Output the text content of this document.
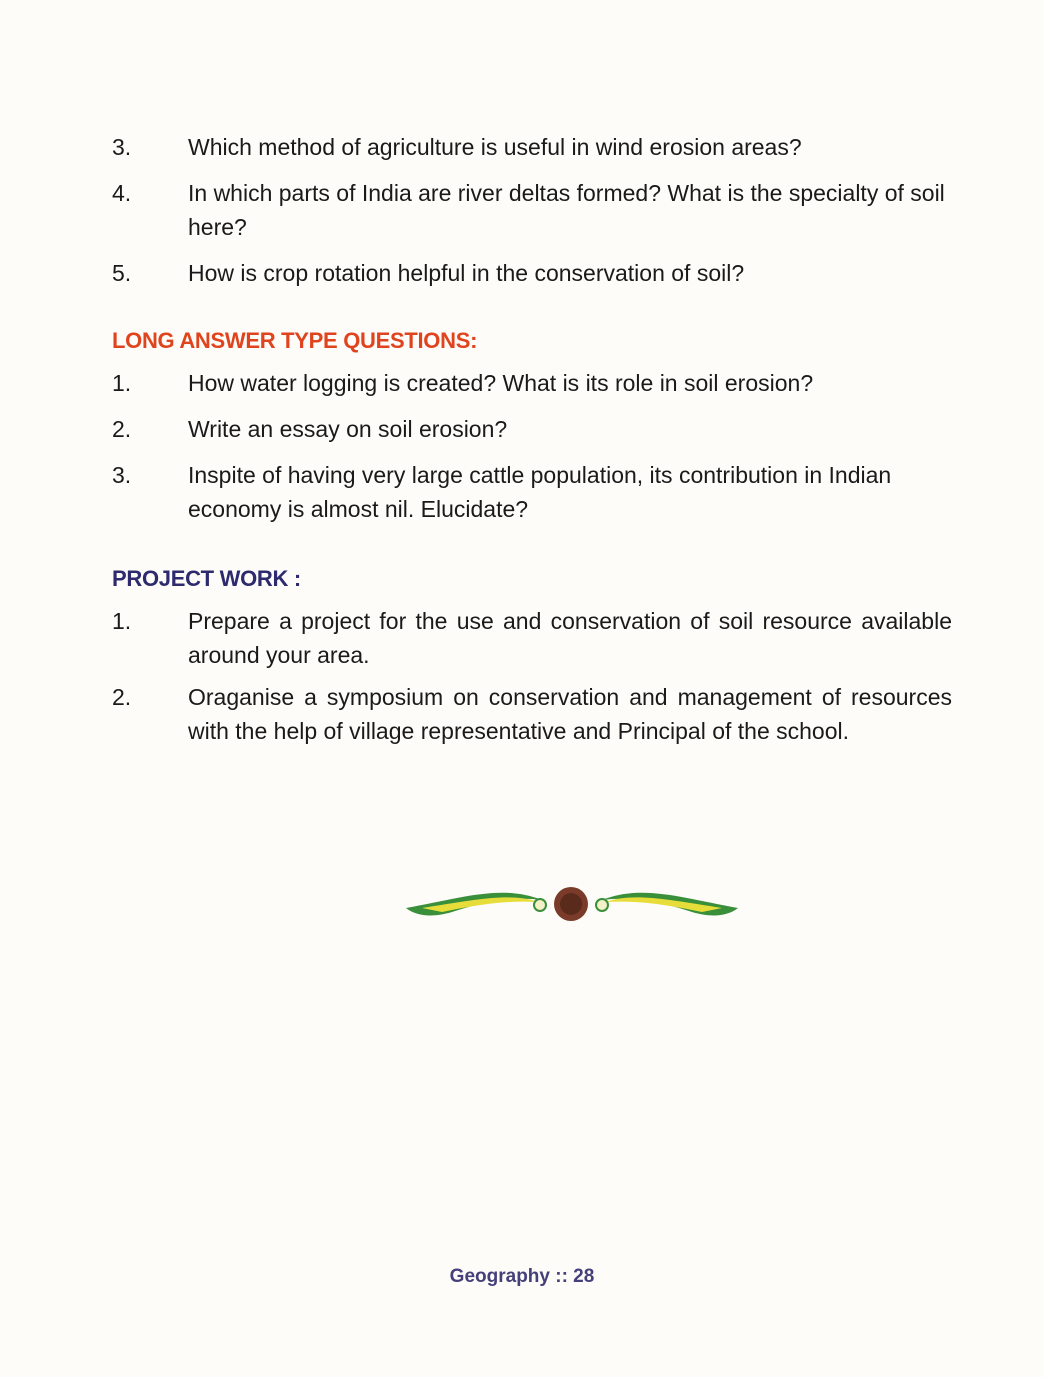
3.	Which method of agriculture is useful in wind erosion areas?
4.	In which parts of India are river deltas formed? What is the specialty of soil here?
5.	How is crop rotation helpful in the conservation of soil?
LONG ANSWER TYPE QUESTIONS:
1.	How water logging is created? What is its role in soil erosion?
2.	Write an essay on soil erosion?
3.	Inspite of having very large cattle population, its contribution in Indian economy is almost nil. Elucidate?
PROJECT WORK :
1.	Prepare a project for the use and conservation of soil resource available around your area.
2.	Oraganise a symposium on conservation and management of resources with the help of village representative and Principal of the school.
Geography :: 28
